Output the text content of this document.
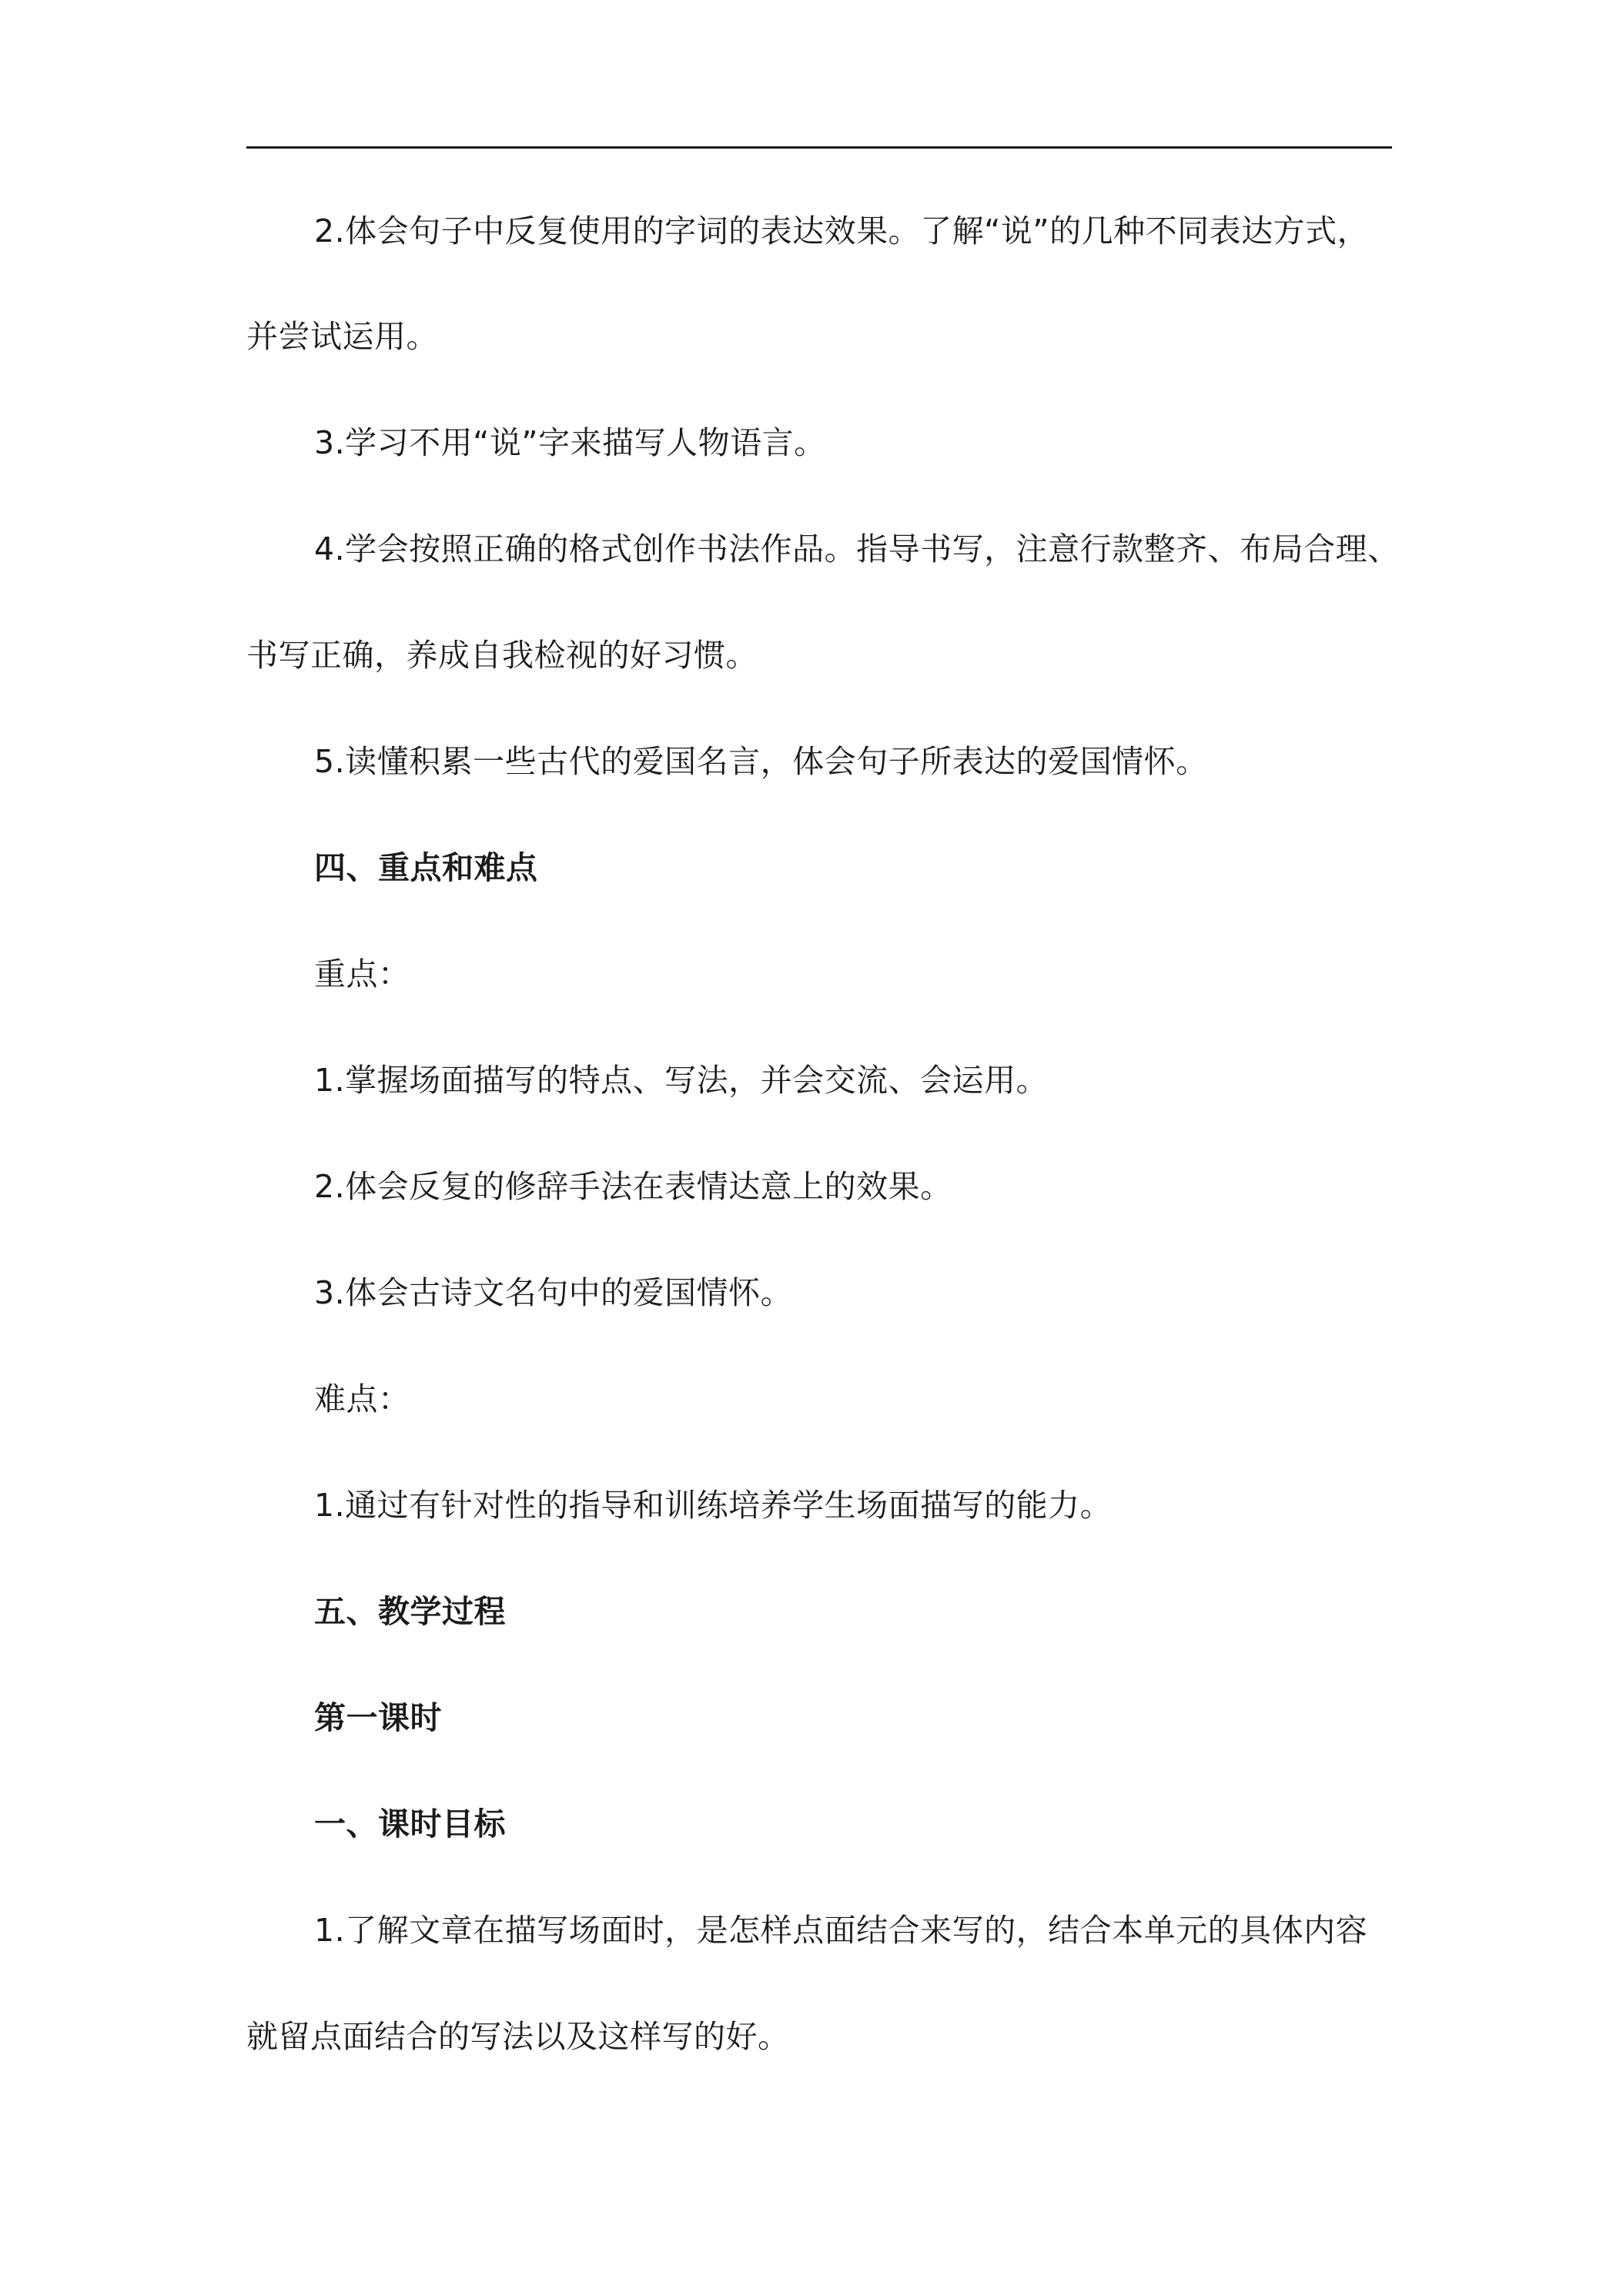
2.体会句子中反复使用的字词的表达效果。了解“说”的几种不同表达方式，
并尝试运用。
3.学习不用“说”字来描写人物语言。
4.学会按照正确的格式创作书法作品。指导书写，注意行款整齐、布局合理、
书写正确，养成自我检视的好习惯。
5.读懂积累一些古代的爱国名言，体会句子所表达的爱国情怀。
四、重点和难点
重点：
1.掌握场面描写的特点、写法，并会交流、会运用。
2.体会反复的修辞手法在表情达意上的效果。
3.体会古诗文名句中的爱国情怀。
难点：
1.通过有针对性的指导和训练培养学生场面描写的能力。
五、教学过程
第一课时
一、课时目标
1.了解文章在描写场面时，是怎样点面结合来写的，结合本单元的具体内容
就留点面结合的写法以及这样写的好。
